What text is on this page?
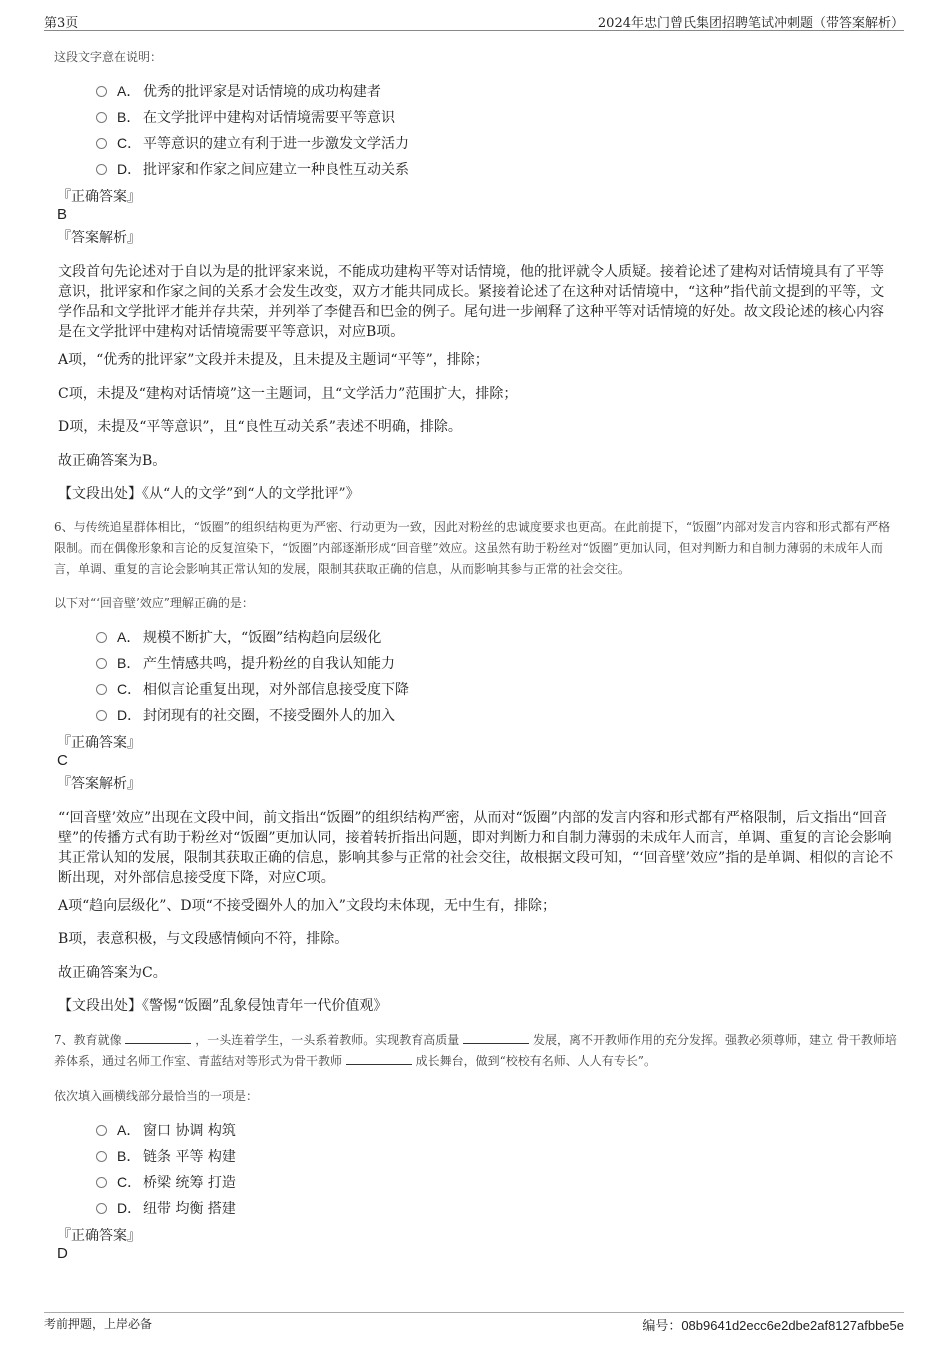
第3页	2024年忠门曾氏集团招聘笔试冲刺题（带答案解析）
这段文字意在说明：
A． 优秀的批评家是对话情境的成功构建者
B． 在文学批评中建构对话情境需要平等意识
C． 平等意识的建立有利于进一步激发文学活力
D． 批评家和作家之间应建立一种良性互动关系
『正确答案』
B
『答案解析』
文段首句先论述对于自以为是的批评家来说，不能成功建构平等对话情境，他的批评就令人质疑。接着论述了建构对话情境具有了平等意识，批评家和作家之间的关系才会发生改变，双方才能共同成长。紧接着论述了在这种对话情境中，“这种”指代前文提到的平等，文学作品和文学批评才能并存共荣，并列举了李健吾和巴金的例子。尾句进一步阐释了这种平等对话情境的好处。故文段论述的核心内容是在文学批评中建构对话情境需要平等意识，对应B项。
A项，“优秀的批评家”文段并未提及，且未提及主题词“平等”，排除；
C项，未提及“建构对话情境”这一主题词，且“文学活力”范围扩大，排除；
D项，未提及“平等意识”，且“良性互动关系”表述不明确，排除。
故正确答案为B。
【文段出处】《从“人的文学”到“人的文学批评”》
6、与传统追星群体相比，“饭圈”的组织结构更为严密、行动更为一致，因此对粉丝的忠诚度要求也更高。在此前提下，“饭圈”内部对发言内容和形式都有严格限制。而在偶像形象和言论的反复渲染下，“饭圈”内部逐渐形成“回音壁”效应。这虽然有助于粉丝对“饭圈”更加认同，但对判断力和自制力薄弱的未成年人而言，单调、重复的言论会影响其正常认知的发展，限制其获取正确的信息，从而影响其参与正常的社会交往。
以下对“‘回音壁’效应”理解正确的是：
A． 规模不断扩大，“饭圈”结构趋向层级化
B． 产生情感共鸣，提升粉丝的自我认知能力
C． 相似言论重复出现，对外部信息接受度下降
D． 封闭现有的社交圈，不接受圈外人的加入
『正确答案』
C
『答案解析』
“‘回音壁’效应”出现在文段中间，前文指出“饭圈”的组织结构严密，从而对“饭圈”内部的发言内容和形式都有严格限制，后文指出“回音壁”的传播方式有助于粉丝对“饭圈”更加认同，接着转折指出问题，即对判断力和自制力薄弱的未成年人而言，单调、重复的言论会影响其正常认知的发展，限制其获取正确的信息，影响其参与正常的社会交往，故根据文段可知，“‘回音壁’效应”指的是单调、相似的言论不断出现，对外部信息接受度下降，对应C项。
A项“趋向层级化”、D项“不接受圈外人的加入”文段均未体现，无中生有，排除；
B项，表意积极，与文段感情倾向不符，排除。
故正确答案为C。
【文段出处】《警惕“饭圈”乱象侵蚀青年一代价值观》
7、教育就像	，一头连着学生，一头系着教师。实现教育高质量	发展，离不开教师作用的充分发挥。强教必须尊师，建立 骨干教师培养体系，通过名师工作室、青蓝结对等形式为骨干教师	成长舞台，做到“校校有名师、人人有专长”。
依次填入画横线部分最恰当的一项是：
A． 窗口 协调 构筑
B． 链条 平等 构建
C． 桥梁 统筹 打造
D． 纽带 均衡 搭建
『正确答案』
D
考前押题，上岸必备	编号：08b9641d2ecc6e2dbe2af8127afbbe5e
